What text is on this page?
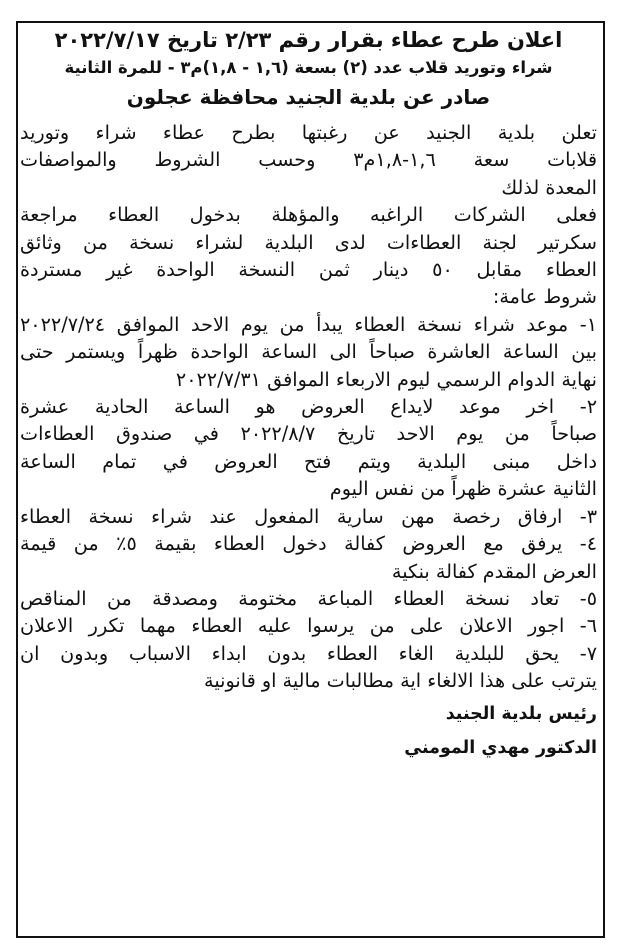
اعلان طرح عطاء بقرار رقم ٢/٢٣ تاريخ ٢٠٢٢/٧/١٧

شراء وتوريد قلاب عدد (٢) بسعة (١,٦ - ١,٨)م٣ - للمرة الثانية

صادر عن بلدية الجنيد محافظة عجلون

تعلن بلدية الجنيد عن رغبتها بطرح عطاء شراء وتوريد

قلابات سعة ١,٦-١,٨م٣ وحسب الشروط والمواصفات

المعدة لذلك

فعلى الشركات الراغبه والمؤهلة بدخول العطاء مراجعة

سكرتير لجنة العطاءات لدى البلدية لشراء نسخة من وثائق

العطاء مقابل ٥٠ دينار ثمن النسخة الواحدة غير مستردة

شروط عامة:

١- موعد شراء نسخة العطاء يبدأ من يوم الاحد الموافق ٢٠٢٢/٧/٢٤

بين الساعة العاشرة صباحاً الى الساعة الواحدة ظهراً ويستمر حتى

نهاية الدوام الرسمي ليوم الاربعاء الموافق ٢٠٢٢/٧/٣١

٢- اخر موعد لايداع العروض هو الساعة الحادية عشرة

صباحاً من يوم الاحد تاريخ ٢٠٢٢/٨/٧ في صندوق العطاءات

داخل مبنى البلدية ويتم فتح العروض في تمام الساعة

الثانية عشرة ظهراً من نفس اليوم

٣- ارفاق رخصة مهن سارية المفعول عند شراء نسخة العطاء

٤- يرفق مع العروض كفالة دخول العطاء بقيمة ٥٪ من قيمة

العرض المقدم كفالة بنكية

٥- تعاد نسخة العطاء المباعة مختومة ومصدقة من المناقص

٦- اجور الاعلان على من يرسوا عليه العطاء مهما تكرر الاعلان

٧- يحق للبلدية الغاء العطاء بدون ابداء الاسباب وبدون ان

يترتب على هذا الالغاء اية مطالبات مالية او قانونية

رئيس بلدية الجنيد

الدكتور مهدي المومني
